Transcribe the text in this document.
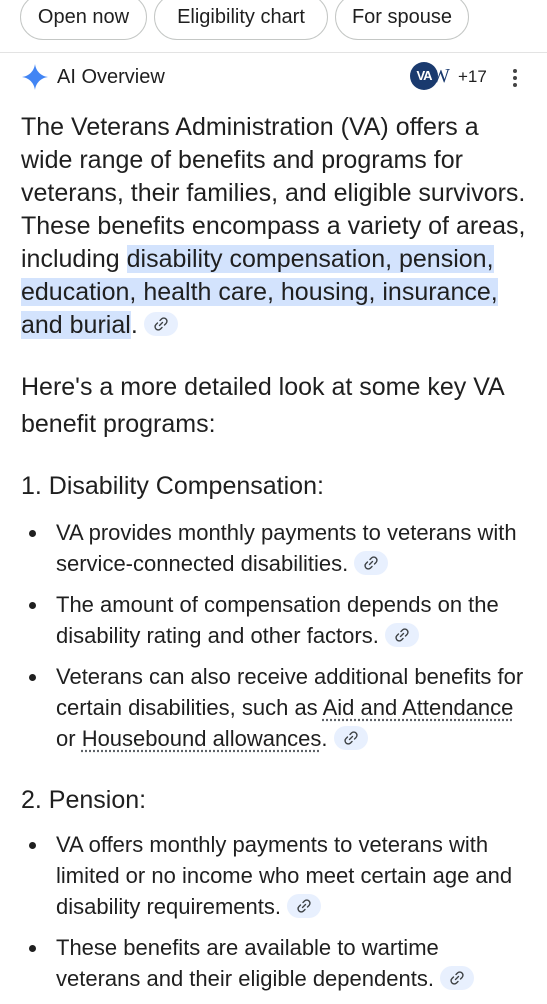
Open now	Eligibility chart	For spouse
AI Overview	VA W +17

The Veterans Administration (VA) offers a wide range of benefits and programs for veterans, their families, and eligible survivors. These benefits encompass a variety of areas, including disability compensation, pension, education, health care, housing, insurance, and burial.

Here's a more detailed look at some key VA benefit programs:

1. Disability Compensation:

VA provides monthly payments to veterans with service-connected disabilities.
The amount of compensation depends on the disability rating and other factors.
Veterans can also receive additional benefits for certain disabilities, such as Aid and Attendance or Housebound allowances.

2. Pension:

VA offers monthly payments to veterans with limited or no income who meet certain age and disability requirements.
These benefits are available to wartime veterans and their eligible dependents.
